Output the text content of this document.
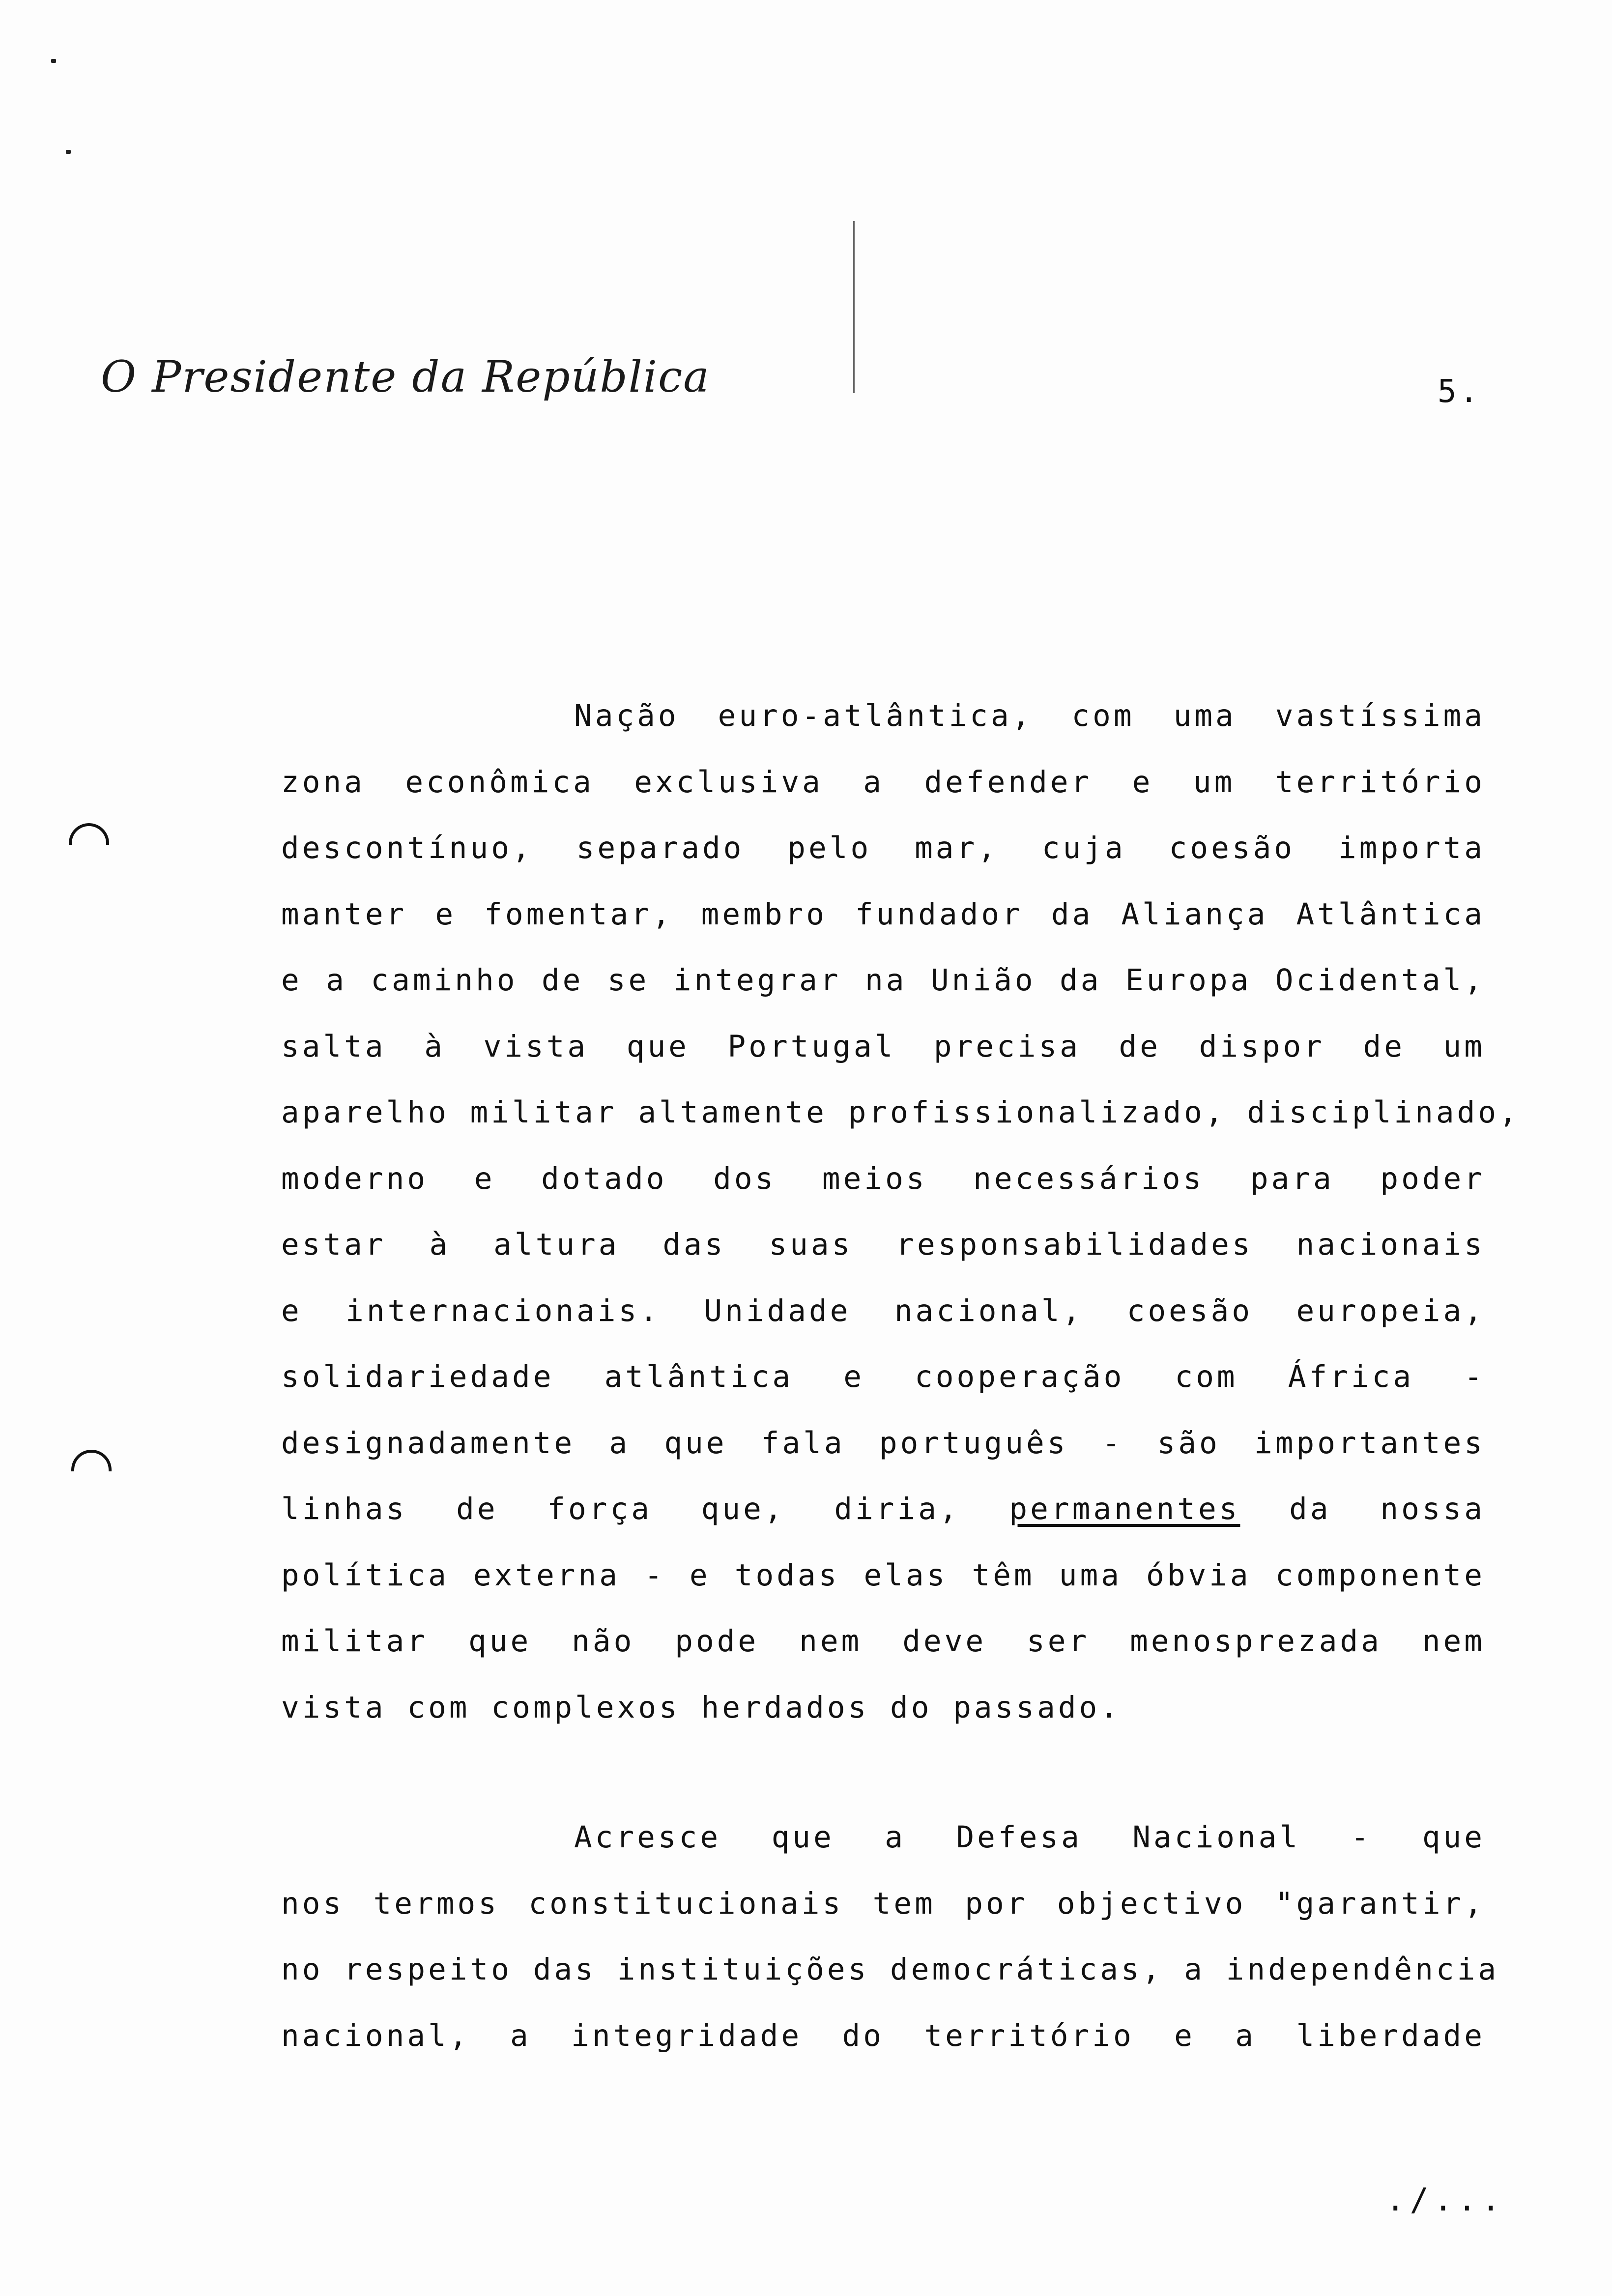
O Presidente da República	5.
Nação euro-atlântica, com uma vastíssima
zona econômica exclusiva a defender e um território
descontínuo, separado pelo mar, cuja coesão importa
manter e fomentar, membro fundador da Aliança Atlântica
e a caminho de se integrar na União da Europa Ocidental,
salta à vista que Portugal precisa de dispor de um
aparelho militar altamente profissionalizado, disciplinado,
moderno e dotado dos meios necessários para poder
estar à altura das suas responsabilidades nacionais
e internacionais. Unidade nacional, coesão europeia,
solidariedade atlântica e cooperação com África -
designadamente a que fala português - são importantes
linhas de força que, diria, permanentes da nossa
política externa - e todas elas têm uma óbvia componente
militar que não pode nem deve ser menosprezada nem
vista com complexos herdados do passado.
Acresce que a Defesa Nacional - que
nos termos constitucionais tem por objectivo "garantir,
no respeito das instituições democráticas, a independência
nacional, a integridade do território e a liberdade
./...
